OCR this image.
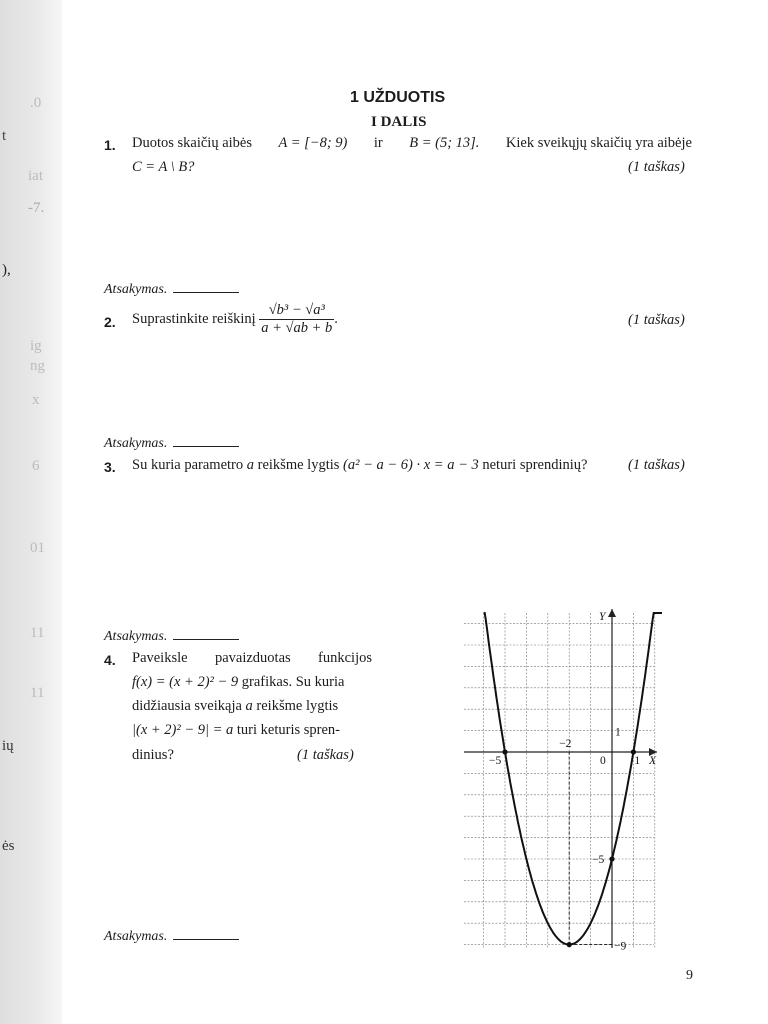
.0
t
iat
-7.
),
ig
ng
x
6
01
11
11
ių
ės
1 UŽDUOTIS
I DALIS
1. Duotos skaičių aibės A = [−8; 9) ir B = (5; 13]. Kiek sveikųjų skaičių yra aibėje
C = A \ B?	(1 taškas)
Atsakymas.
2. Suprastinkite reiškinį $\frac{\text{√b³ − √a³}}{a + √ab + b}$ .	(1 taškas)
Atsakymas.
3. Su kuria parametro a reikšme lygtis (a² − a − 6) · x = a − 3 neturi sprendinių?	(1 taškas)
Atsakymas.
4. Paveiksle pavaizduotas funkcijos
f(x) = (x + 2)² − 9 grafikas. Su kuria
didžiausia sveikąja a reikšme lygtis
|(x + 2)² − 9| = a turi keturis spren-
dinius?	(1 taškas)
Atsakymas.
−5
−2
0 1
1
−5
−9
X
Y
9
